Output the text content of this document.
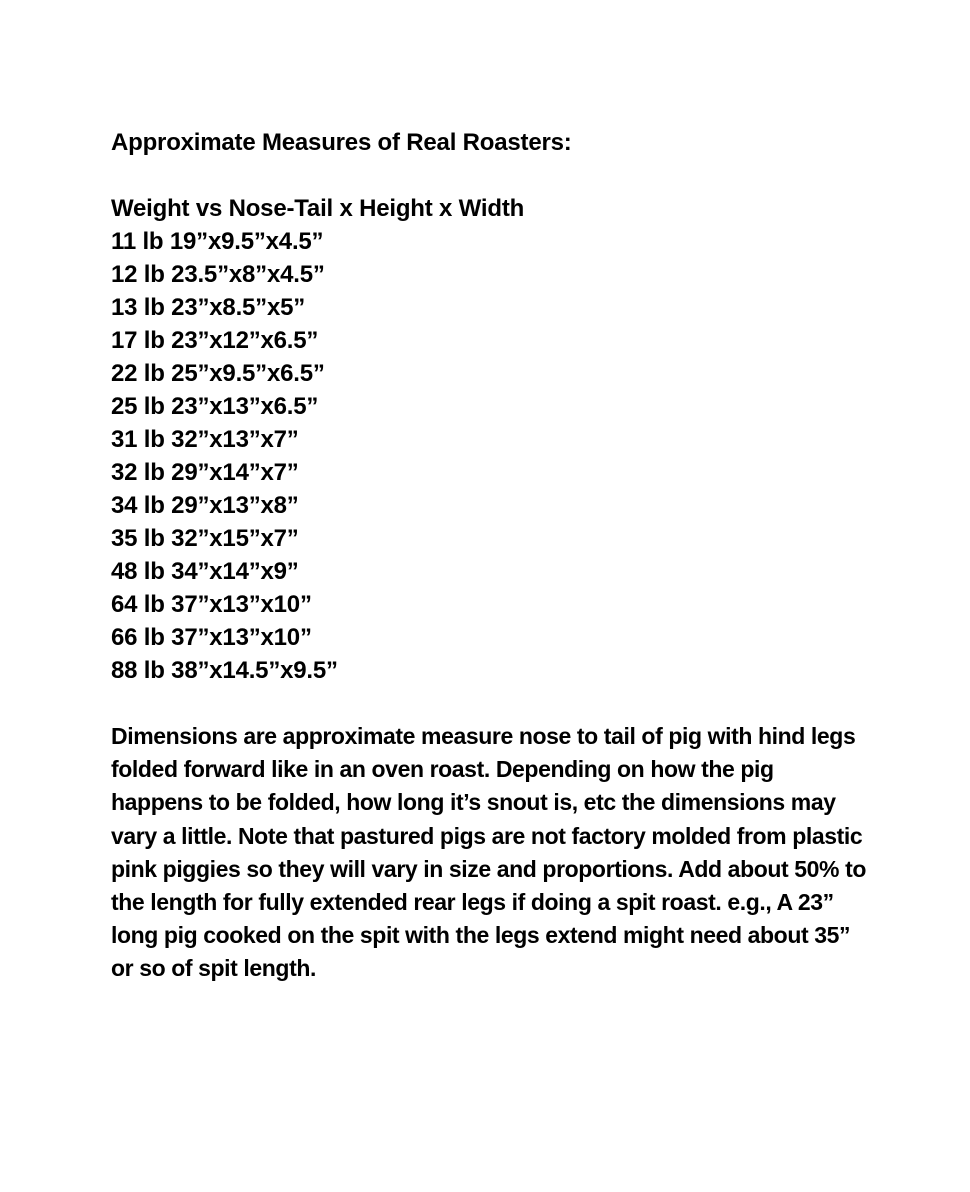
Approximate Measures of Real Roasters:
Weight vs Nose-Tail x Height x Width
11 lb 19”x9.5”x4.5”
12 lb 23.5”x8”x4.5”
13 lb 23”x8.5”x5”
17 lb 23”x12”x6.5”
22 lb 25”x9.5”x6.5”
25 lb 23”x13”x6.5”
31 lb 32”x13”x7”
32 lb 29”x14”x7”
34 lb 29”x13”x8”
35 lb 32”x15”x7”
48 lb 34”x14”x9”
64 lb 37”x13”x10”
66 lb 37”x13”x10”
88 lb 38”x14.5”x9.5”

Dimensions are approximate measure nose to tail of pig with hind legs folded forward like in an oven roast. Depending on how the pig happens to be folded, how long it’s snout is, etc the dimensions may vary a little. Note that pastured pigs are not factory molded from plastic pink piggies so they will vary in size and proportions. Add about 50% to the length for fully extended rear legs if doing a spit roast. e.g., A 23” long pig cooked on the spit with the legs extend might need about 35” or so of spit length.
